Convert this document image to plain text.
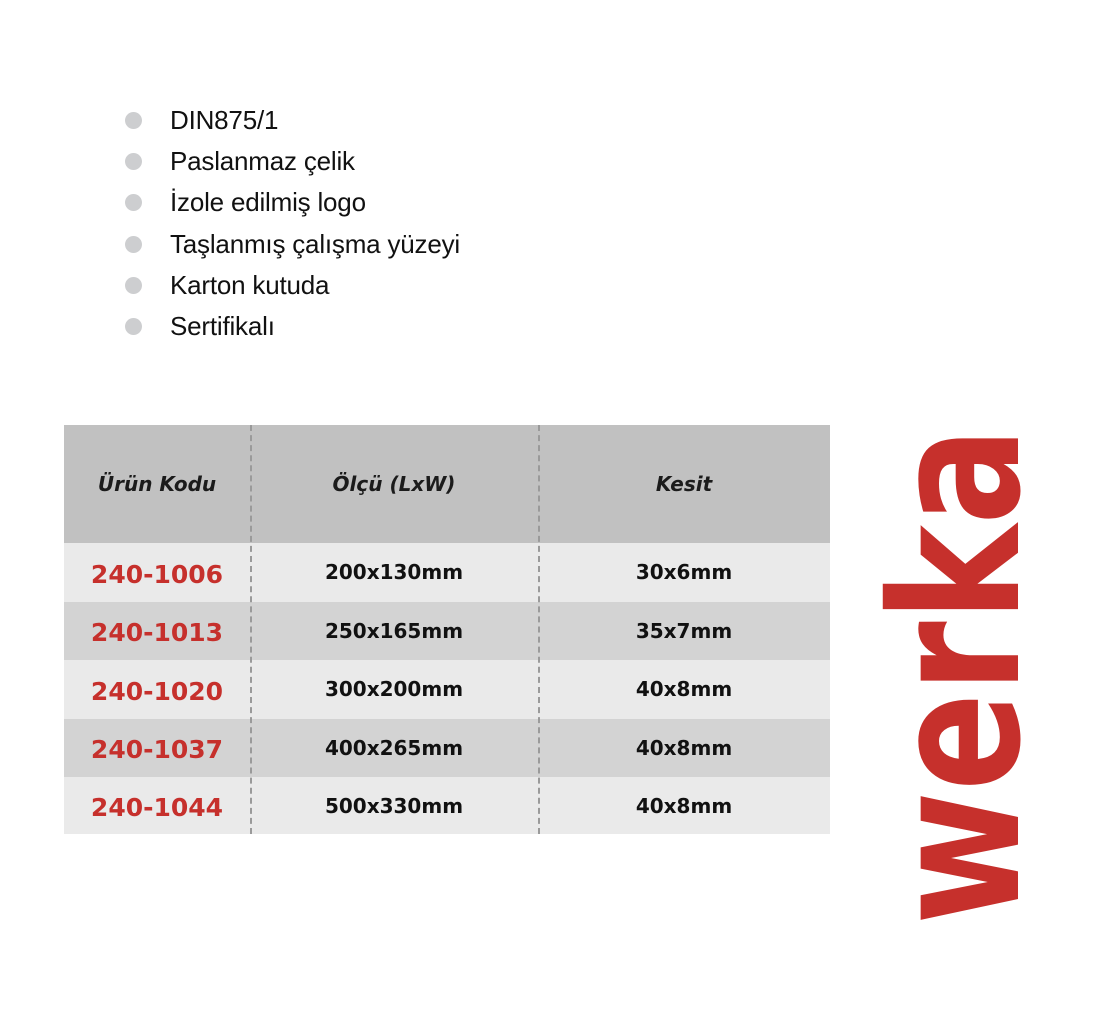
DIN875/1
Paslanmaz çelik
İzole edilmiş logo
Taşlanmış çalışma yüzeyi
Karton kutuda
Sertifikalı
Ürün Kodu	Ölçü (LxW)	Kesit
240-1006	200x130mm	30x6mm
240-1013	250x165mm	35x7mm
240-1020	300x200mm	40x8mm
240-1037	400x265mm	40x8mm
240-1044	500x330mm	40x8mm werka
